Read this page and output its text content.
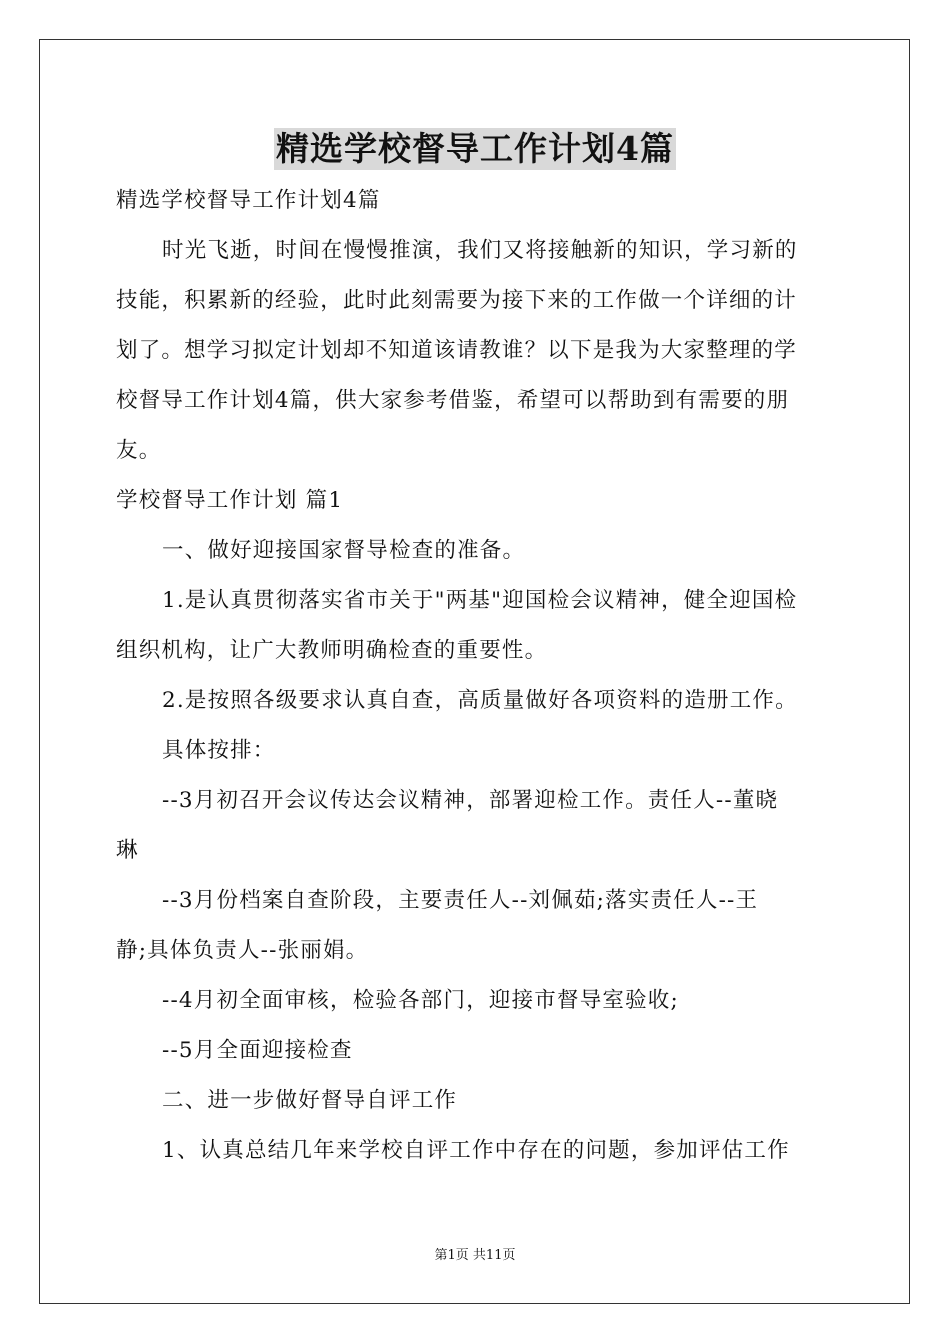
精选学校督导工作计划4篇
精选学校督导工作计划4篇
时光飞逝，时间在慢慢推演，我们又将接触新的知识，学习新的
技能，积累新的经验，此时此刻需要为接下来的工作做一个详细的计
划了。想学习拟定计划却不知道该请教谁？以下是我为大家整理的学
校督导工作计划4篇，供大家参考借鉴，希望可以帮助到有需要的朋
友。
学校督导工作计划 篇1
一、做好迎接国家督导检查的准备。
1.是认真贯彻落实省市关于"两基"迎国检会议精神，健全迎国检
组织机构，让广大教师明确检查的重要性。
2.是按照各级要求认真自查，高质量做好各项资料的造册工作。
具体按排：
--3月初召开会议传达会议精神，部署迎检工作。责任人--董晓
琳
--3月份档案自查阶段，主要责任人--刘佩茹;落实责任人--王
静;具体负责人--张丽娟。
--4月初全面审核，检验各部门，迎接市督导室验收;
--5月全面迎接检查
二、进一步做好督导自评工作
1、认真总结几年来学校自评工作中存在的问题，参加评估工作
第1页 共11页
